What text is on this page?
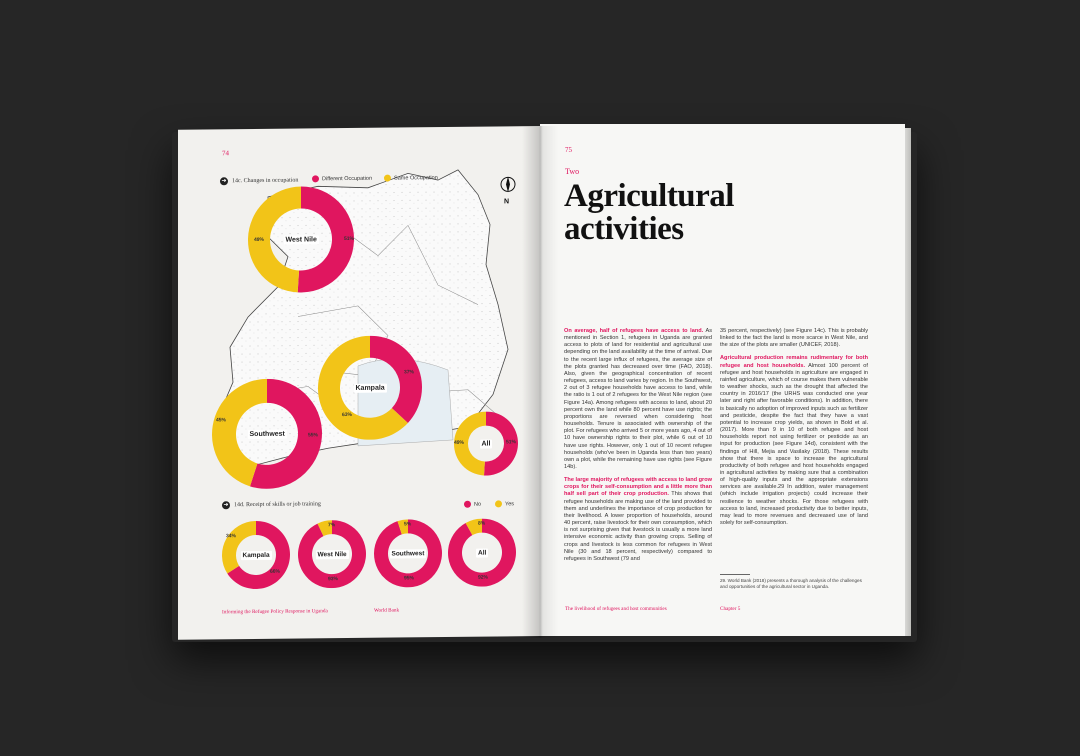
74
N
➜ 14c. Changes in occupation	Different Occupation	Same Occupation
West Nile	51%
49%
Kampala
37%
63%
Southwest	55%
45%
All	51%
49%
➜ 14d. Receipt of skills or job training	No	Yes
Kampala
66%
34%
West Nile
93%
7%
Southwest
95%
5%
All
92%
8%
Informing the Refugee Policy Response in Uganda	World Bank
75
Two
Agricultural
activities

On average, half of refugees have access to land. As mentioned in Section 1, refugees in Uganda are granted access to plots of land for residential and agricultural use depending on the land availability at the time of arrival. Due to the recent large influx of refugees, the average size of the plots granted has decreased over time (FAO, 2018). Also, given the geographical concentration of recent refugees, access to land varies by region. In the Southwest, 2 out of 3 refugee households have access to land, while the ratio is 1 out of 2 refugees for the West Nile region (see Figure 14a). Among refugees with access to land, about 20 percent own the land while 80 percent have use rights; the proportions are reversed when considering host households. Tenure is associated with ownership of the plot. For refugees who arrived 5 or more years ago, 4 out of 10 have ownership rights to their plot, while 6 out of 10 have use rights. However, only 1 out of 10 recent refugee households (who've been in Uganda less than two years) own a plot, while the remaining have use rights (see Figure 14b).

The large majority of refugees with access to land grow crops for their self-consumption and a little more than half sell part of their crop production. This shows that refugee households are making use of the land provided to them and underlines the importance of crop production for their livelihood. A lower proportion of households, around 40 percent, raise livestock for their own consumption, which is not surprising given that livestock is usually a more land intensive economic activity than growing crops. Selling of crops and livestock is less common for refugees in West Nile (30 and 18 percent, respectively) compared to refugees in Southwest (79 and

35 percent, respectively) (see Figure 14c). This is probably linked to the fact the land is more scarce in West Nile, and the size of the plots are smaller (UNICEF, 2018).

Agricultural production remains rudimentary for both refugee and host households. Almost 100 percent of refugee and host households in agriculture are engaged in rainfed agriculture, which of course makes them vulnerable to weather shocks, such as the drought that affected the country in 2016/17 (the URHS was conducted one year later and right after favorable conditions). In addition, there is basically no adoption of improved inputs such as fertilizer and pesticide, despite the fact that they have a vast potential to increase crop yields, as shown in Bold et al. (2017). More than 9 in 10 of both refugee and host households report not using fertilizer or pesticide as an input for production (see Figure 14d), consistent with the findings of Hill, Mejia and Vasilaky (2018). These results show that there is space to increase the agricultural productivity of both refugee and host households engaged in agricultural activities by making sure that a combination of high-quality inputs and the appropriate extensions services are available.29 In addition, water management (which include irrigation projects) could increase their resilience to weather shocks. For those refugees with access to land, increased productivity due to better inputs, may lead to more revenues and decreased use of land solely for self-consumption.

29. World Bank (2018) presents a thorough analysis of the challenges and opportunities of the agricultural sector in Uganda.
The livelihood of refugees and host communities	Chapter 5
